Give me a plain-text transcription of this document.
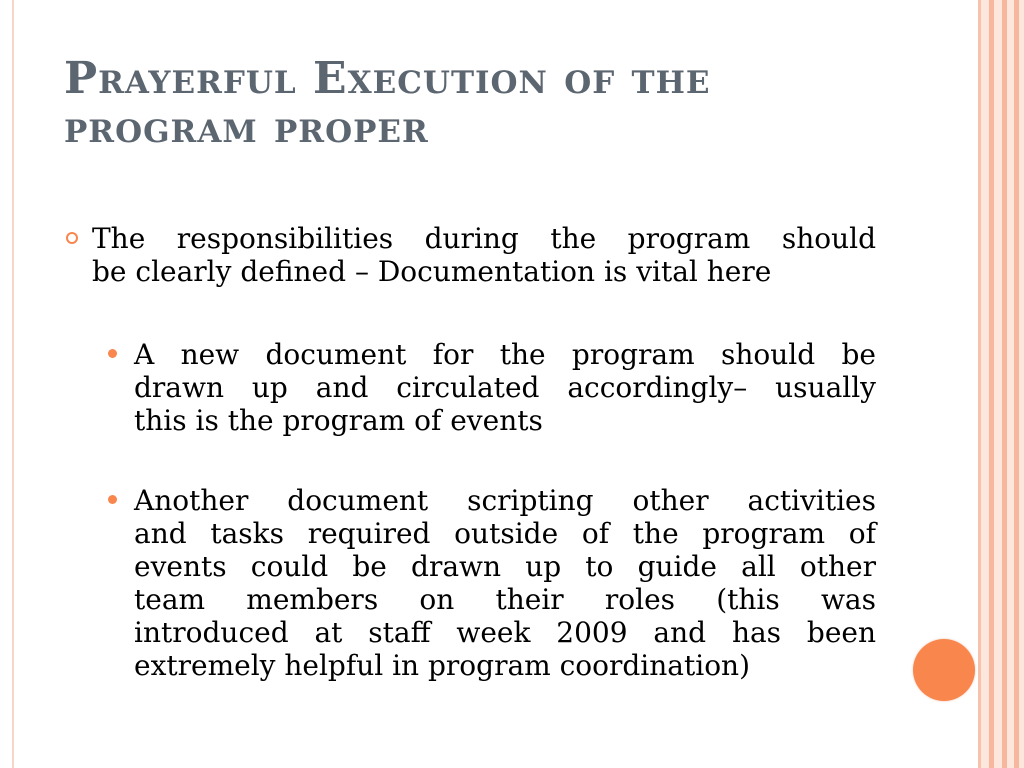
Prayerful Execution of the program proper
The responsibilities during the program should
be clearly defined – Documentation is vital here
A new document for the program should be
drawn up and circulated accordingly– usually
this is the program of events
Another document scripting other activities
and tasks required outside of the program of
events could be drawn up to guide all other
team members on their roles (this was
introduced at staff week 2009 and has been
extremely helpful in program coordination)
